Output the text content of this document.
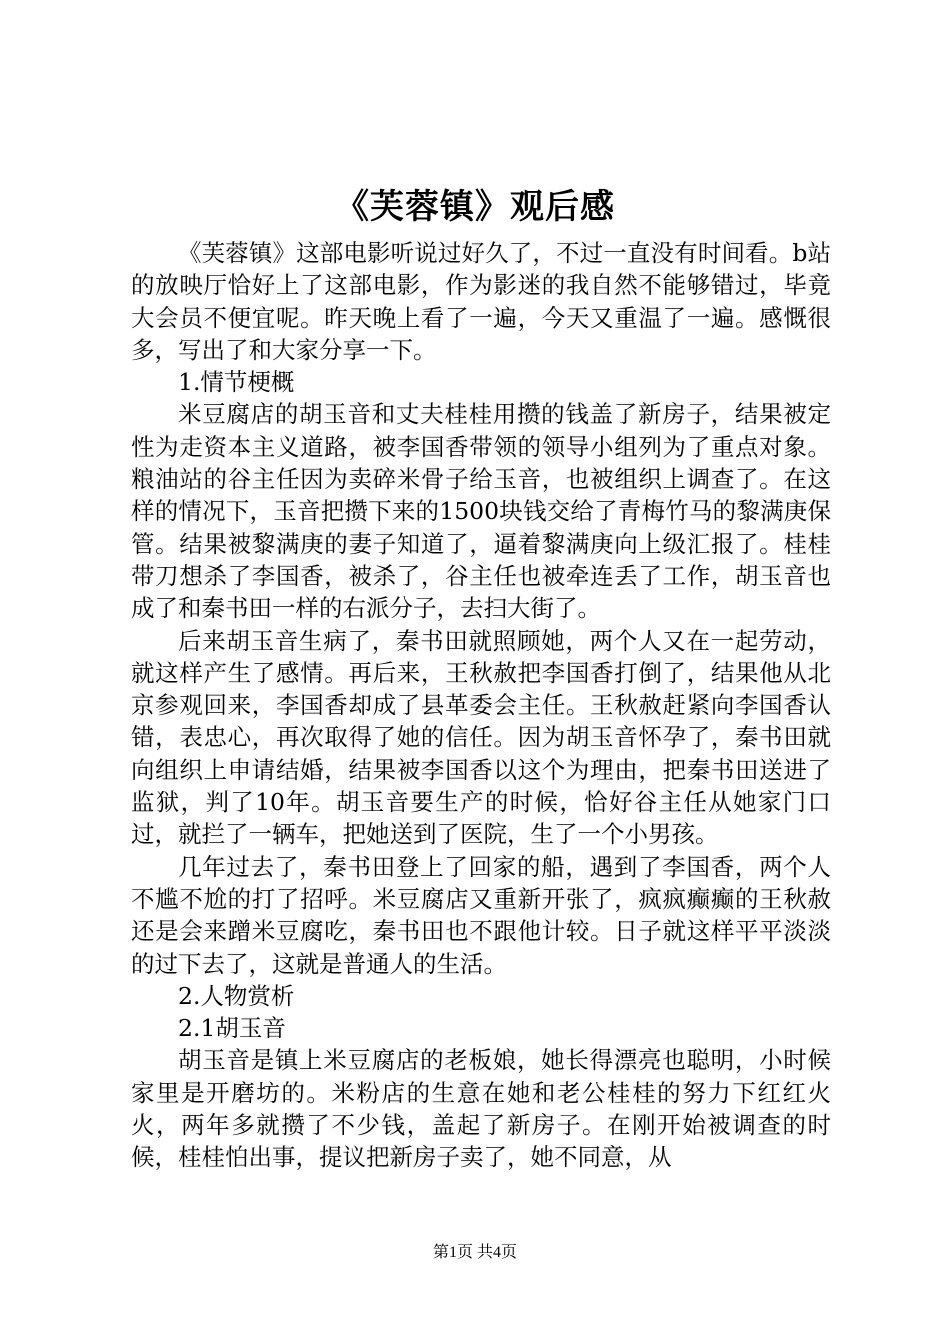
《芙蓉镇》观后感

《芙蓉镇》这部电影听说过好久了，不过一直没有时间看。b站的放映厅恰好上了这部电影，作为影迷的我自然不能够错过，毕竟大会员不便宜呢。昨天晚上看了一遍，今天又重温了一遍。感慨很多，写出了和大家分享一下。

1.情节梗概

米豆腐店的胡玉音和丈夫桂桂用攒的钱盖了新房子，结果被定性为走资本主义道路，被李国香带领的领导小组列为了重点对象。粮油站的谷主任因为卖碎米骨子给玉音，也被组织上调查了。在这样的情况下，玉音把攒下来的1500块钱交给了青梅竹马的黎满庚保管。结果被黎满庚的妻子知道了，逼着黎满庚向上级汇报了。桂桂带刀想杀了李国香，被杀了，谷主任也被牵连丢了工作，胡玉音也成了和秦书田一样的右派分子，去扫大街了。

后来胡玉音生病了，秦书田就照顾她，两个人又在一起劳动，就这样产生了感情。再后来，王秋赦把李国香打倒了，结果他从北京参观回来，李国香却成了县革委会主任。王秋赦赶紧向李国香认错，表忠心，再次取得了她的信任。因为胡玉音怀孕了，秦书田就向组织上申请结婚，结果被李国香以这个为理由，把秦书田送进了监狱，判了10年。胡玉音要生产的时候，恰好谷主任从她家门口过，就拦了一辆车，把她送到了医院，生了一个小男孩。

几年过去了，秦书田登上了回家的船，遇到了李国香，两个人不尴不尬的打了招呼。米豆腐店又重新开张了，疯疯癫癫的王秋赦还是会来蹭米豆腐吃，秦书田也不跟他计较。日子就这样平平淡淡的过下去了，这就是普通人的生活。

2.人物赏析

2.1胡玉音

胡玉音是镇上米豆腐店的老板娘，她长得漂亮也聪明，小时候家里是开磨坊的。米粉店的生意在她和老公桂桂的努力下红红火火，两年多就攒了不少钱，盖起了新房子。在刚开始被调查的时候，桂桂怕出事，提议把新房子卖了，她不同意，从

第1页 共4页
